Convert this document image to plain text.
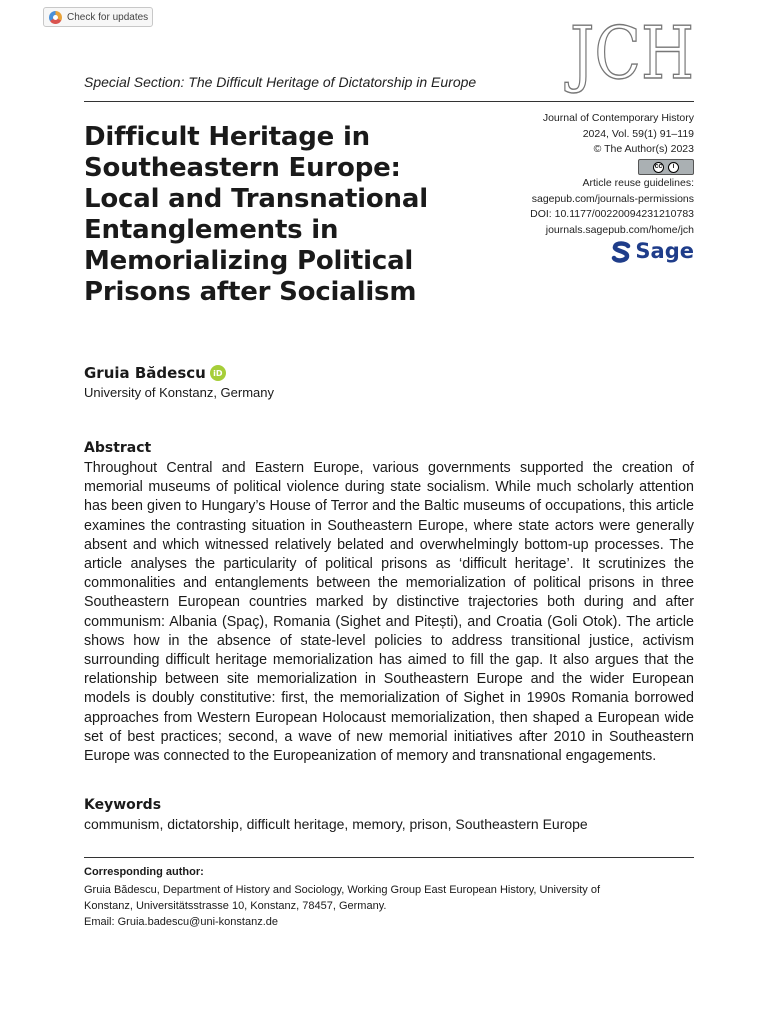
Check for updates	JCH
Special Section: The Difficult Heritage of Dictatorship in Europe
Difficult Heritage in
Southeastern Europe:
Local and Transnational
Entanglements in
Memorializing Political
Prisons after Socialism
Journal of Contemporary History
2024, Vol. 59(1) 91–119
© The Author(s) 2023
cc	i
Article reuse guidelines:
sagepub.com/journals-permissions
DOI: 10.1177/00220094231210783
journals.sagepub.com/home/jch
Sage
Gruia Bădescu iD
University of Konstanz, Germany
Abstract
Throughout Central and Eastern Europe, various governments supported the creation of memorial museums of political violence during state socialism. While much scholarly attention has been given to Hungary’s House of Terror and the Baltic museums of occupations, this article examines the contrasting situation in Southeastern Europe, where state actors were generally absent and which witnessed relatively belated and overwhelmingly bottom-up processes. The article analyses the particularity of political prisons as ‘difficult heritage’. It scrutinizes the commonalities and entanglements between the memorialization of political prisons in three Southeastern European countries marked by distinctive trajectories both during and after communism: Albania (Spaç), Romania (Sighet and Pitești), and Croatia (Goli Otok). The article shows how in the absence of state-level policies to address transitional justice, activism surrounding difficult heritage memorialization has aimed to fill the gap. It also argues that the relationship between site memorialization in Southeastern Europe and the wider European models is doubly constitutive: first, the memorialization of Sighet in 1990s Romania borrowed approaches from Western European Holocaust memorialization, then shaped a European wide set of best practices; second, a wave of new memorial initiatives after 2010 in Southeastern Europe was connected to the Europeanization of memory and transnational engagements.
Keywords
communism, dictatorship, difficult heritage, memory, prison, Southeastern Europe
Corresponding author:
Gruia Bădescu, Department of History and Sociology, Working Group East European History, University of
Konstanz, Universitätsstrasse 10, Konstanz, 78457, Germany.
Email: Gruia.badescu@uni-konstanz.de
